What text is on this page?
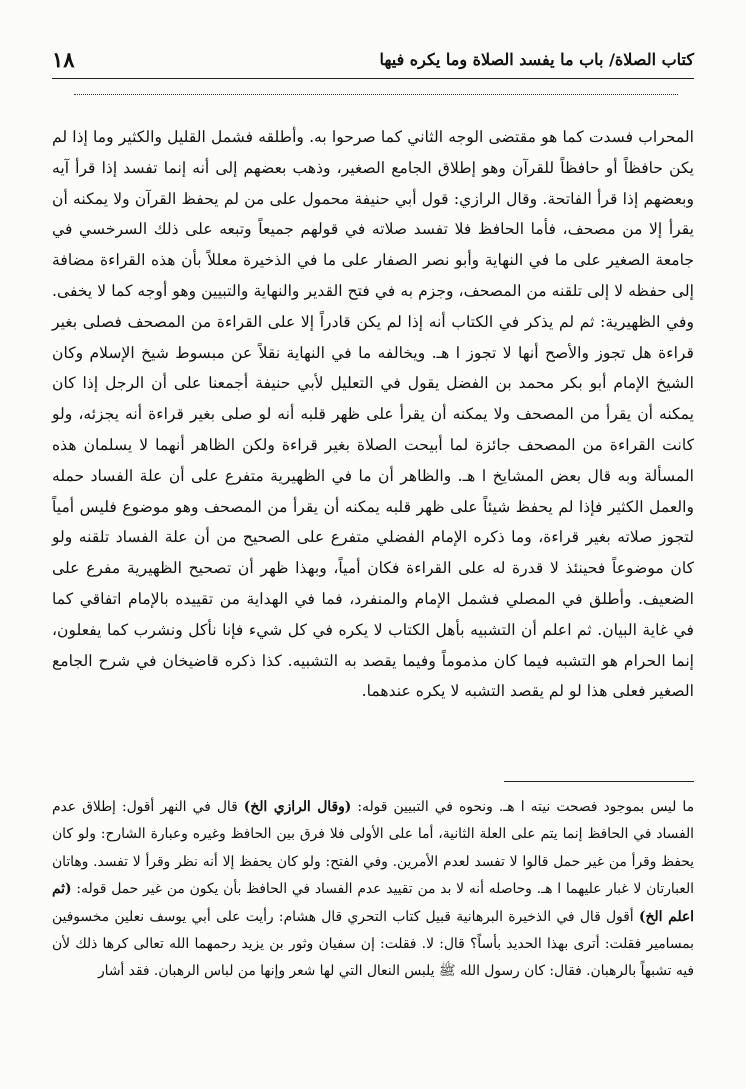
١٨	كتاب الصلاة/ باب ما يفسد الصلاة وما يكره فيها

المحراب فسدت كما هو مقتضى الوجه الثاني كما صرحوا به. وأطلقه فشمل القليل والكثير وما إذا لم يكن حافظاً أو حافظاً للقرآن وهو إطلاق الجامع الصغير، وذهب بعضهم إلى أنه إنما تفسد إذا قرأ آيه وبعضهم إذا قرأ الفاتحة. وقال الرازي: قول أبي حنيفة محمول على من لم يحفظ القرآن ولا يمكنه أن يقرأ إلا من مصحف، فأما الحافظ فلا تفسد صلاته في قولهم جميعاً وتبعه على ذلك السرخسي في جامعة الصغير على ما في النهاية وأبو نصر الصفار على ما في الذخيرة معللاً بأن هذه القراءة مضافة إلى حفظه لا إلى تلقنه من المصحف، وجزم به في فتح القدير والنهاية والتبيين وهو أوجه كما لا يخفى. وفي الظهيرية: ثم لم يذكر في الكتاب أنه إذا لم يكن قادراً إلا على القراءة من المصحف فصلى بغير قراءة هل تجوز والأصح أنها لا تجوز ا هـ. ويخالفه ما في النهاية نقلاً عن مبسوط شيخ الإسلام وكان الشيخ الإمام أبو بكر محمد بن الفضل يقول في التعليل لأبي حنيفة أجمعنا على أن الرجل إذا كان يمكنه أن يقرأ من المصحف ولا يمكنه أن يقرأ على ظهر قلبه أنه لو صلى بغير قراءة أنه يجزئه، ولو كانت القراءة من المصحف جائزة لما أبيحت الصلاة بغير قراءة ولكن الظاهر أنهما لا يسلمان هذه المسألة وبه قال بعض المشايخ ا هـ. والظاهر أن ما في الظهيرية متفرع على أن علة الفساد حمله والعمل الكثير فإذا لم يحفظ شيئاً على ظهر قلبه يمكنه أن يقرأ من المصحف وهو موضوع فليس أمياً لتجوز صلاته بغير قراءة، وما ذكره الإمام الفضلي متفرع على الصحيح من أن علة الفساد تلقنه ولو كان موضوعاً فحينئذ لا قدرة له على القراءة فكان أمياً، وبهذا ظهر أن تصحيح الظهيرية مفرع على الضعيف. وأطلق في المصلي فشمل الإمام والمنفرد، فما في الهداية من تقييده بالإمام اتفاقي كما في غاية البيان. ثم اعلم أن التشبيه بأهل الكتاب لا يكره في كل شيء فإنا نأكل ونشرب كما يفعلون، إنما الحرام هو التشبه فيما كان مذموماً وفيما يقصد به التشبيه. كذا ذكره قاضيخان في شرح الجامع الصغير فعلى هذا لو لم يقصد التشبه لا يكره عندهما.

ما ليس بموجود فصحت نيته ا هـ. ونحوه في التبيين قوله: (وقال الرازي الخ) قال في النهر أقول: إطلاق عدم الفساد في الحافظ إنما يتم على العلة الثانية، أما على الأولى فلا فرق بين الحافظ وغيره وعبارة الشارح: ولو كان يحفظ وقرأ من غير حمل قالوا لا تفسد لعدم الأمرين. وفي الفتح: ولو كان يحفظ إلا أنه نظر وقرأ لا تفسد. وهاتان العبارتان لا غبار عليهما ا هـ. وحاصله أنه لا بد من تقييد عدم الفساد في الحافظ بأن يكون من غير حمل قوله: (ثم اعلم الخ) أقول قال في الذخيرة البرهانية قبيل كتاب التحري قال هشام: رأيت على أبي يوسف نعلين مخسوفين بمسامير فقلت: أترى بهذا الحديد بأساً؟ قال: لا. فقلت: إن سفيان وثور بن يزيد رحمهما الله تعالى كرها ذلك لأن فيه تشبهاً بالرهبان. فقال: كان رسول الله ﷺ يلبس النعال التي لها شعر وإنها من لباس الرهبان. فقد أشار
